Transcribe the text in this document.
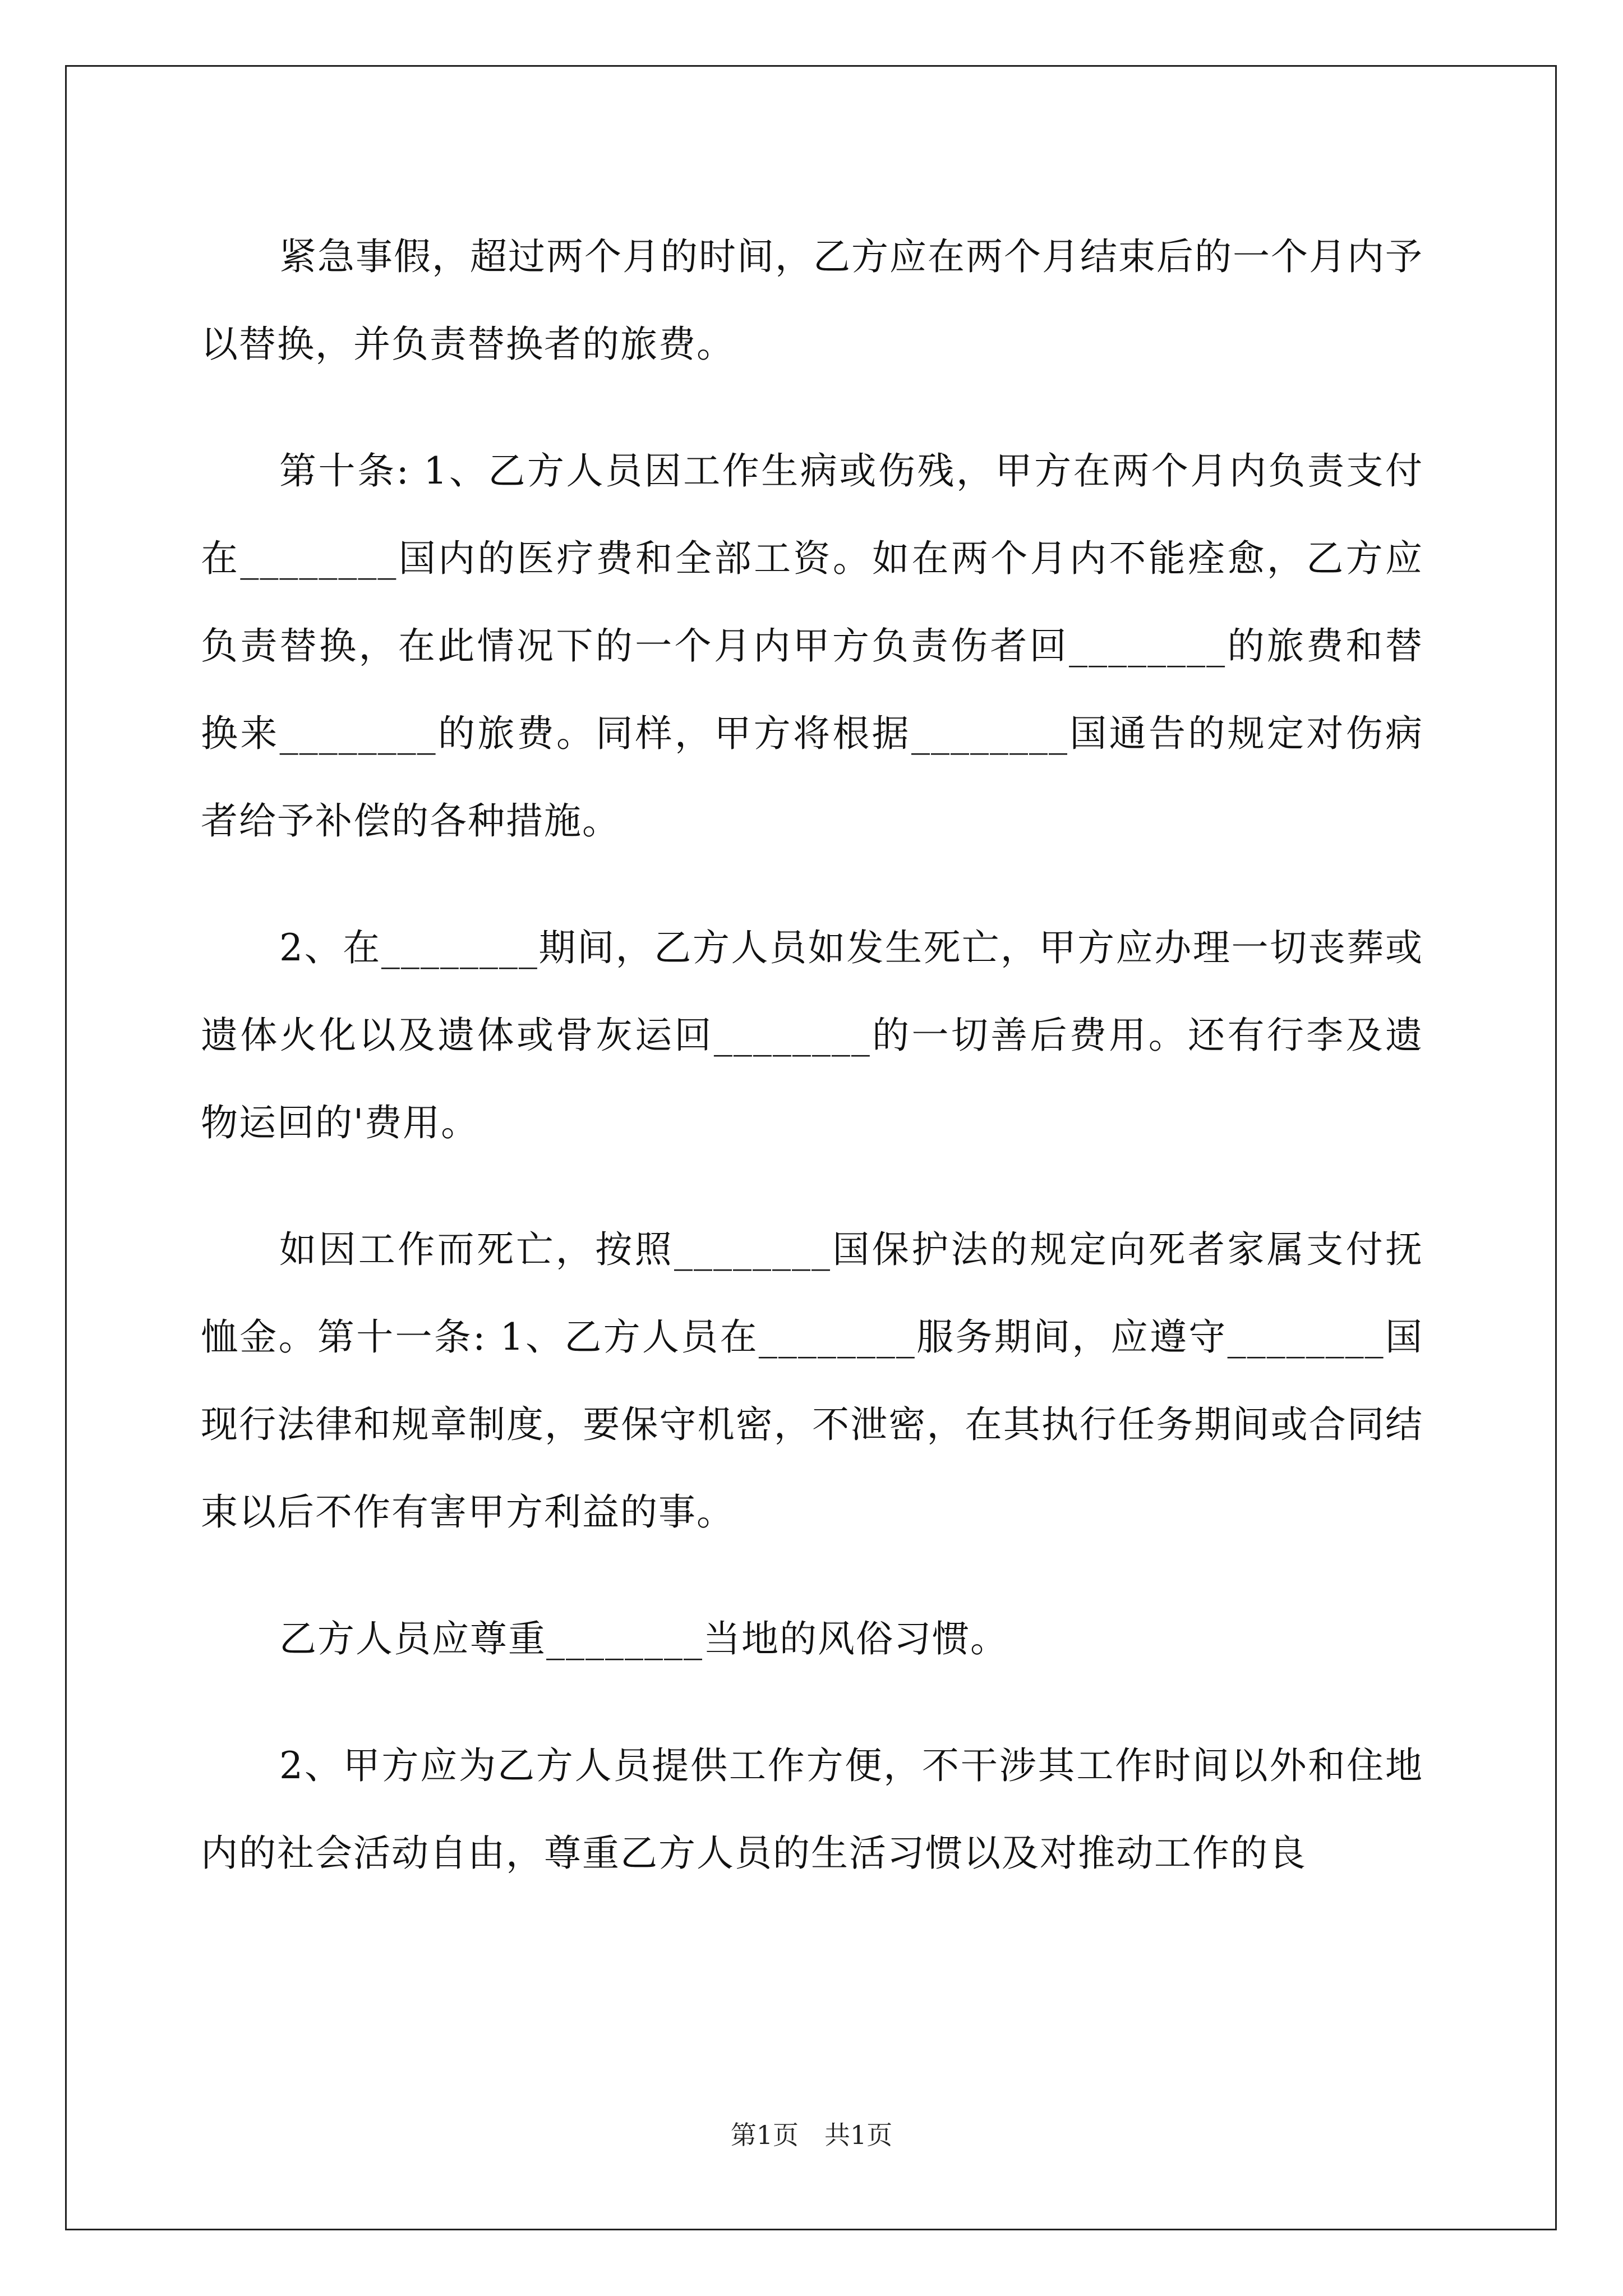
紧急事假，超过两个月的时间，乙方应在两个月结束后的一个月内予以替换，并负责替换者的旅费。

第十条: 1、乙方人员因工作生病或伤残，甲方在两个月内负责支付在________国内的医疗费和全部工资。如在两个月内不能痊愈，乙方应负责替换，在此情况下的一个月内甲方负责伤者回________的旅费和替换来________的旅费。同样，甲方将根据________国通告的规定对伤病者给予补偿的各种措施。

2、在________期间，乙方人员如发生死亡，甲方应办理一切丧葬或遗体火化以及遗体或骨灰运回________的一切善后费用。还有行李及遗物运回的'费用。

如因工作而死亡，按照________国保护法的规定向死者家属支付抚恤金。第十一条: 1、乙方人员在________服务期间，应遵守________国现行法律和规章制度，要保守机密，不泄密，在其执行任务期间或合同结束以后不作有害甲方利益的事。

乙方人员应尊重________当地的风俗习惯。

2、甲方应为乙方人员提供工作方便，不干涉其工作时间以外和住地内的社会活动自由，尊重乙方人员的生活习惯以及对推动工作的良

第1页　共1页
